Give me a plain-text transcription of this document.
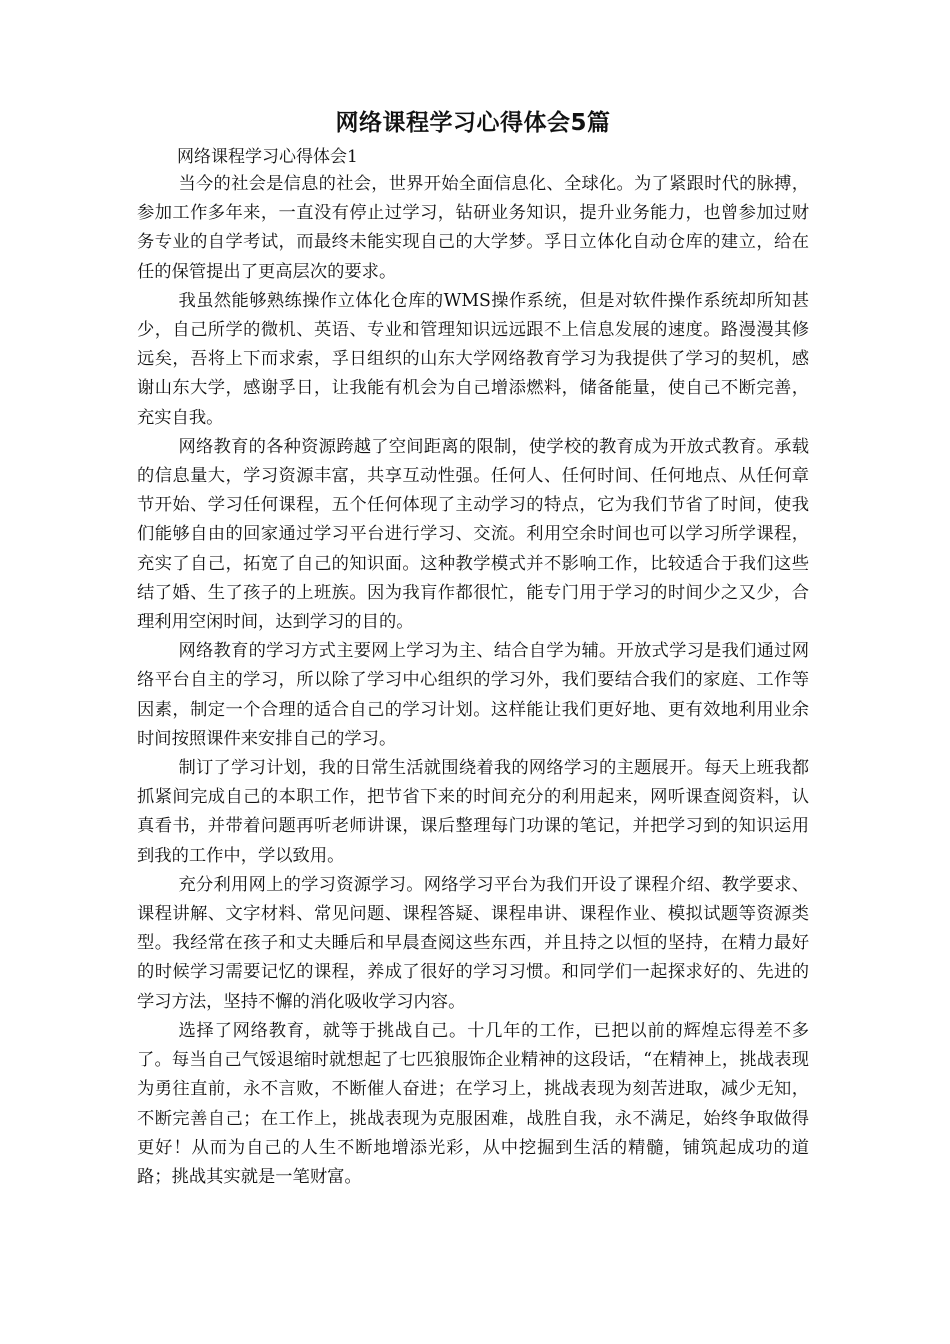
网络课程学习心得体会5篇

网络课程学习心得体会1

当今的社会是信息的社会，世界开始全面信息化、全球化。为了紧跟时代的脉搏，参加工作多年来，一直没有停止过学习，钻研业务知识，提升业务能力，也曾参加过财务专业的自学考试，而最终未能实现自己的大学梦。孚日立体化自动仓库的建立，给在任的保管提出了更高层次的要求。

我虽然能够熟练操作立体化仓库的WMS操作系统，但是对软件操作系统却所知甚少，自己所学的微机、英语、专业和管理知识远远跟不上信息发展的速度。路漫漫其修远矣，吾将上下而求索，孚日组织的山东大学网络教育学习为我提供了学习的契机，感谢山东大学，感谢孚日，让我能有机会为自己增添燃料，储备能量，使自己不断完善，充实自我。

网络教育的各种资源跨越了空间距离的限制，使学校的教育成为开放式教育。承载的信息量大，学习资源丰富，共享互动性强。任何人、任何时间、任何地点、从任何章节开始、学习任何课程，五个任何体现了主动学习的特点，它为我们节省了时间，使我们能够自由的回家通过学习平台进行学习、交流。利用空余时间也可以学习所学课程，充实了自己，拓宽了自己的知识面。这种教学模式并不影响工作，比较适合于我们这些结了婚、生了孩子的上班族。因为我肓作都很忙，能专门用于学习的时间少之又少，合理利用空闲时间，达到学习的目的。

网络教育的学习方式主要网上学习为主、结合自学为辅。开放式学习是我们通过网络平台自主的学习，所以除了学习中心组织的学习外，我们要结合我们的家庭、工作等因素，制定一个合理的适合自己的学习计划。这样能让我们更好地、更有效地利用业余时间按照课件来安排自己的学习。

制订了学习计划，我的日常生活就围绕着我的网络学习的主题展开。每天上班我都抓紧间完成自己的本职工作，把节省下来的时间充分的利用起来，网听课查阅资料，认真看书，并带着问题再听老师讲课，课后整理每门功课的笔记，并把学习到的知识运用到我的工作中，学以致用。

充分利用网上的学习资源学习。网络学习平台为我们开设了课程介绍、教学要求、课程讲解、文字材料、常见问题、课程答疑、课程串讲、课程作业、模拟试题等资源类型。我经常在孩子和丈夫睡后和早晨查阅这些东西，并且持之以恒的坚持，在精力最好的时候学习需要记忆的课程，养成了很好的学习习惯。和同学们一起探求好的、先进的学习方法，坚持不懈的消化吸收学习内容。

选择了网络教育，就等于挑战自己。十几年的工作，已把以前的辉煌忘得差不多了。每当自己气馁退缩时就想起了七匹狼服饰企业精神的这段话，“在精神上，挑战表现为勇往直前，永不言败，不断催人奋进；在学习上，挑战表现为刻苦进取，减少无知，不断完善自己；在工作上，挑战表现为克服困难，战胜自我，永不满足，始终争取做得更好！从而为自己的人生不断地增添光彩，从中挖掘到生活的精髓，铺筑起成功的道路；挑战其实就是一笔财富。
